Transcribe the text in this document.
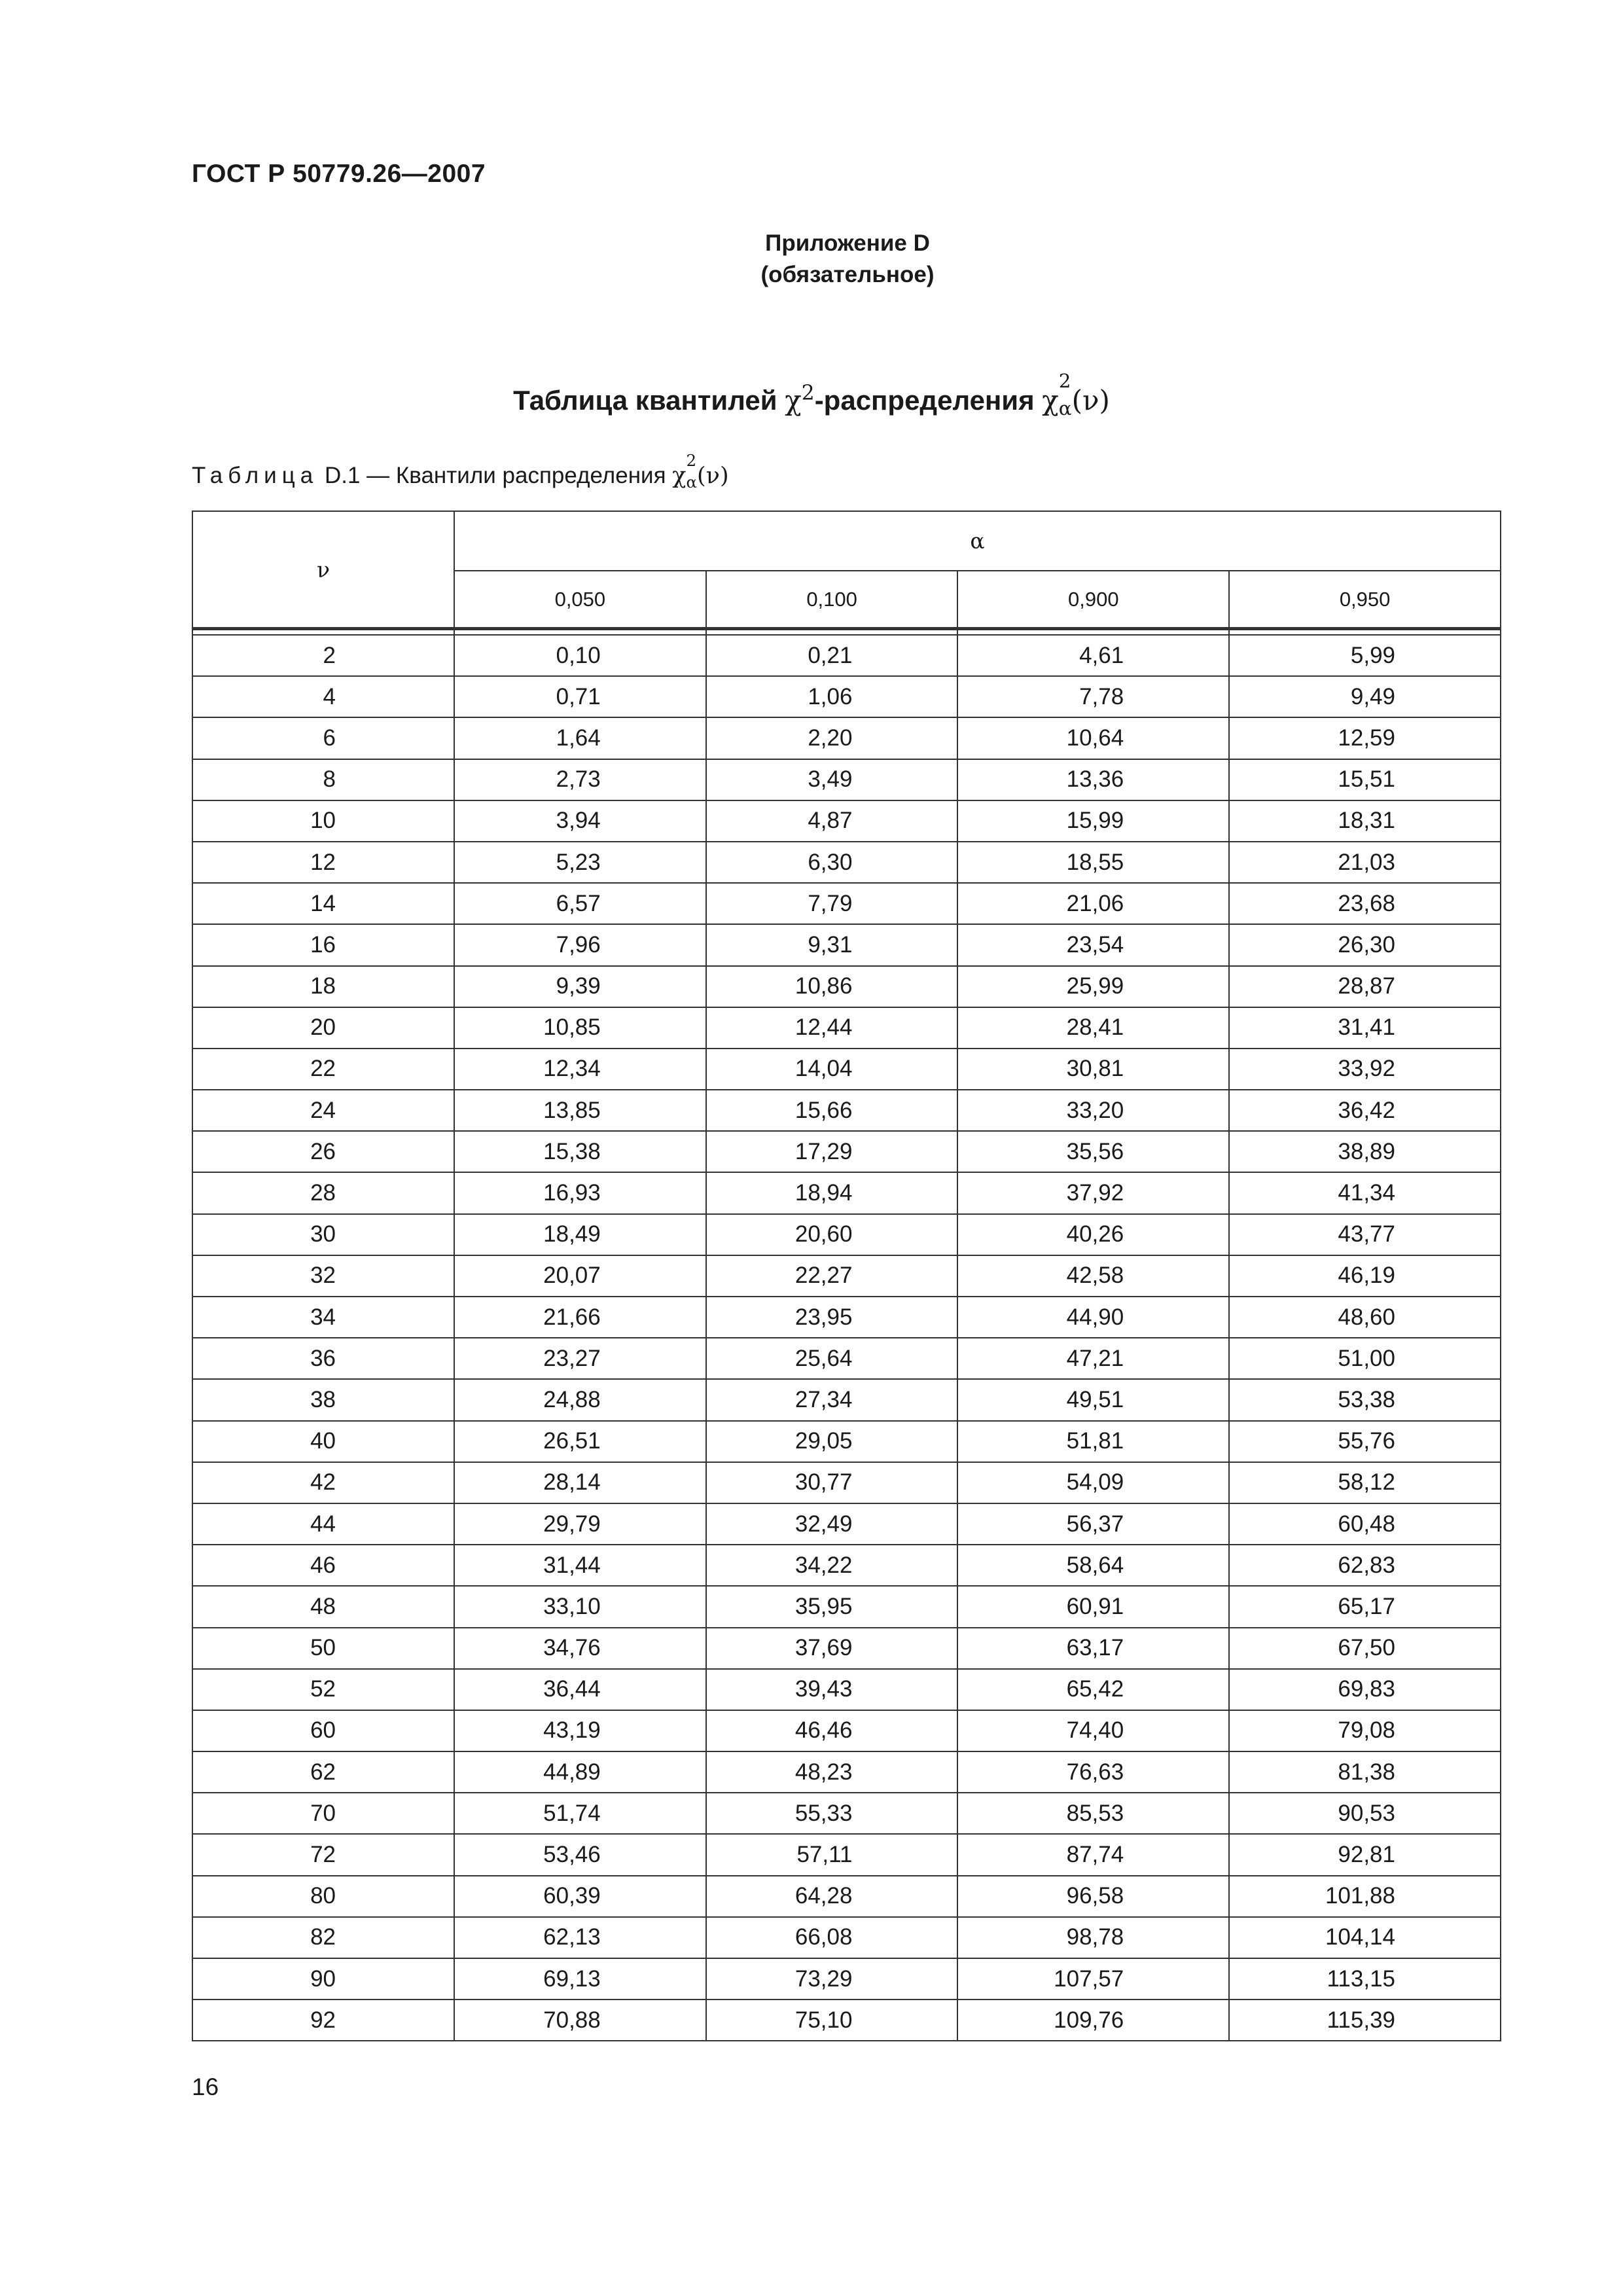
ГОСТ Р 50779.26—2007
Приложение D
(обязательное)
Таблица квантилей $\chi^2$-распределения χ
2
α(ν)
Таблица D.1 — Квантили распределения χ
2
α(ν)
ν	α			
	0,050	0,100	0,900	0,950

2	0,10	0,21	4,61	5,99
4	0,71	1,06	7,78	9,49
6	1,64	2,20	10,64	12,59
8	2,73	3,49	13,36	15,51
10	3,94	4,87	15,99	18,31
12	5,23	6,30	18,55	21,03
14	6,57	7,79	21,06	23,68
16	7,96	9,31	23,54	26,30
18	9,39	10,86	25,99	28,87
20	10,85	12,44	28,41	31,41
22	12,34	14,04	30,81	33,92
24	13,85	15,66	33,20	36,42
26	15,38	17,29	35,56	38,89
28	16,93	18,94	37,92	41,34
30	18,49	20,60	40,26	43,77
32	20,07	22,27	42,58	46,19
34	21,66	23,95	44,90	48,60
36	23,27	25,64	47,21	51,00
38	24,88	27,34	49,51	53,38
40	26,51	29,05	51,81	55,76
42	28,14	30,77	54,09	58,12
44	29,79	32,49	56,37	60,48
46	31,44	34,22	58,64	62,83
48	33,10	35,95	60,91	65,17
50	34,76	37,69	63,17	67,50
52	36,44	39,43	65,42	69,83
60	43,19	46,46	74,40	79,08
62	44,89	48,23	76,63	81,38
70	51,74	55,33	85,53	90,53
72	53,46	57,11	87,74	92,81
80	60,39	64,28	96,58	101,88
82	62,13	66,08	98,78	104,14
90	69,13	73,29	107,57	113,15
92	70,88	75,10	109,76	115,39
16
